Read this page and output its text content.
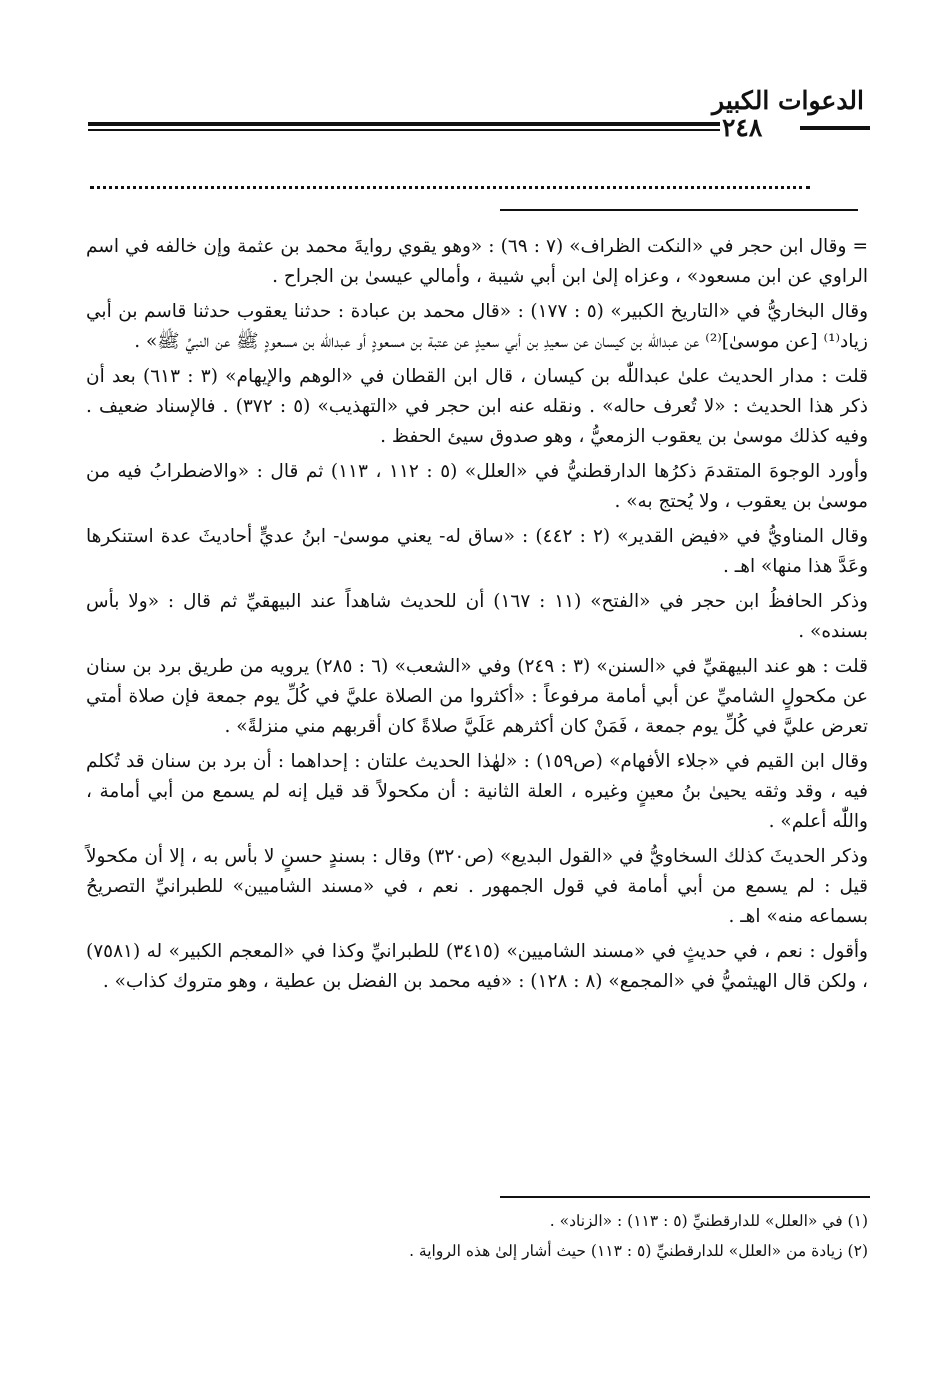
الدعوات الكبير
٢٤٨

= وقال ابن حجر في «النكت الظراف» (٧ : ٦٩) : «وهو يقوي روايةَ محمد بن عثمة وإن خالفه في اسم الراوي عن ابن مسعود» ، وعزاه إلىٰ ابن أبي شيبة ، وأمالي عيسىٰ بن الجراح .

وقال البخاريُّ في «التاريخ الكبير» (٥ : ١٧٧) : «قال محمد بن عبادة : حدثنا يعقوب حدثنا قاسم بن أبي زياد⁽¹⁾ [عن موسىٰ]⁽²⁾ عن عبداللّٰه بن كيسان عن سعيدِ بن أبي سعيدٍ عن عتبة بن مسعودٍ أو عبداللّٰه بن مسعودٍ ﷺ عن النبيِّ ﷺ» .

قلت : مدار الحديث علىٰ عبداللّٰه بن كيسان ، قال ابن القطان في «الوهم والإيهام» (٣ : ٦١٣) بعد أن ذكر هذا الحديث : «لا تُعرف حاله» . ونقله عنه ابن حجر في «التهذيب» (٥ : ٣٧٢) . فالإسناد ضعيف . وفيه كذلك موسىٰ بن يعقوب الزمعيُّ ، وهو صدوق سيئ الحفظ .

وأورد الوجوهَ المتقدمَ ذكرُها الدارقطنيُّ في «العلل» (٥ : ١١٢ ، ١١٣) ثم قال : «والاضطرابُ فيه من موسىٰ بن يعقوب ، ولا يُحتج به» .

وقال المناويُّ في «فيض القدير» (٢ : ٤٤٢) : «ساق له- يعني موسىٰ- ابنُ عديٍّ أحاديثَ عدة استنكرها وعَدَّ هذا منها» اهـ .

وذكر الحافظُ ابن حجر في «الفتح» (١١ : ١٦٧) أن للحديث شاهداً عند البيهقيِّ ثم قال : «ولا بأس بسنده» .

قلت : هو عند البيهقيِّ في «السنن» (٣ : ٢٤٩) وفي «الشعب» (٦ : ٢٨٥) يرويه من طريق برد بن سنان عن مكحولٍ الشاميِّ عن أبي أمامة مرفوعاً : «أكثروا من الصلاة عليَّ في كُلِّ يوم جمعة فإن صلاة أمتي تعرض عليَّ في كُلِّ يوم جمعة ، فَمَنْ كان أكثرهم عَلَيَّ صلاةً كان أقربهم مني منزلةً» .

وقال ابن القيم في «جلاء الأفهام» (ص١٥٩) : «لهٰذا الحديث علتان : إحداهما : أن برد بن سنان قد تُكلم فيه ، وقد وثقه يحيىٰ بنُ معينٍ وغيره ، العلة الثانية : أن مكحولاً قد قيل إنه لم يسمع من أبي أمامة ، واللّٰه أعلم» .

وذكر الحديثَ كذلك السخاويُّ في «القول البديع» (ص٣٢٠) وقال : بسندٍ حسنٍ لا بأس به ، إلا أن مكحولاً قيل : لم يسمع من أبي أمامة في قول الجمهور . نعم ، في «مسند الشاميين» للطبرانيِّ التصريحُ بسماعه منه» اهـ .

وأقول : نعم ، في حديثٍ في «مسند الشاميين» (٣٤١٥) للطبرانيِّ وكذا في «المعجم الكبير» له (٧٥٨١) ، ولكن قال الهيثميُّ في «المجمع» (٨ : ١٢٨) : «فيه محمد بن الفضل بن عطية ، وهو متروك كذاب» .

(١) في «العلل» للدارقطنيِّ (٥ : ١١٣) : «الزناد» .

(٢) زيادة من «العلل» للدارقطنيِّ (٥ : ١١٣) حيث أشار إلىٰ هذه الرواية .
